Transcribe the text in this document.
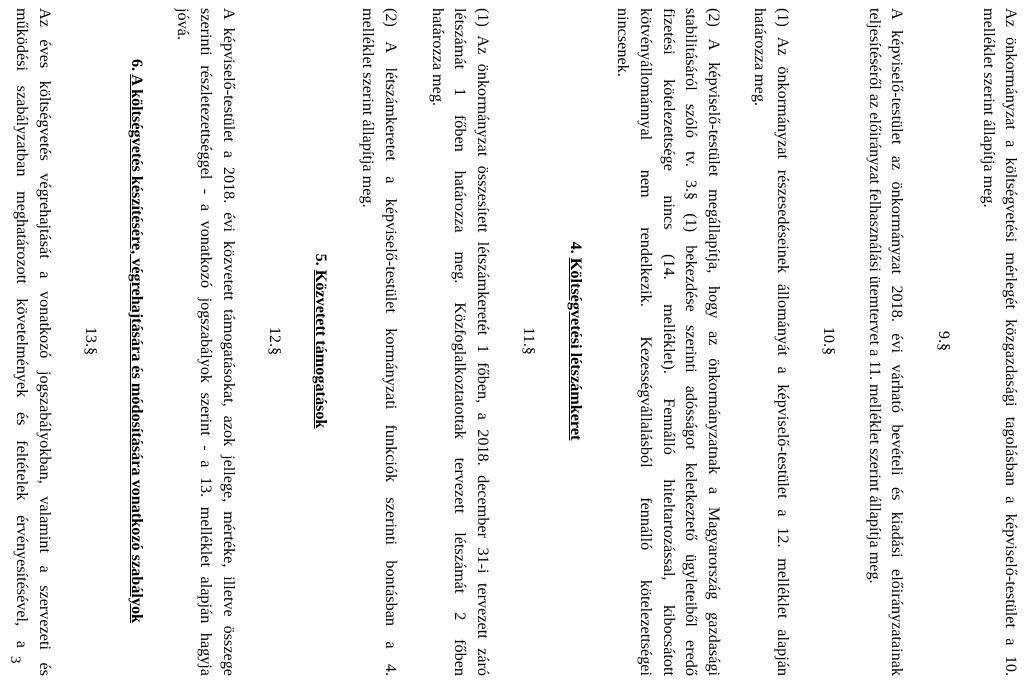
Az önkormányzat a költségvetési mérlegét közgazdasági tagolásban a képviselő-testület a 10.
melléklet szerint állapítja meg.
9.§
A képviselő-testület az önkormányzat 2018. évi várható bevételi és kiadási előirányzatainak
teljesítéséről az előirányzat felhasználási ütemtervet a 11. melléklet szerint állapítja meg.
10.§
(1) Az önkormányzat részesedéseinek állományát a képviselő-testület a 12. melléklet alapján
határozza meg.
(2) A képviselő-testület megállapítja, hogy az önkormányzatnak a Magyarország gazdasági
stabilitásáról szóló tv. 3.§ (1) bekezdése szerinti adósságot keletkeztető ügyleteiből eredő
fizetési kötelezettsége nincs (14. melléklet). Fennálló hiteltartozással, kibocsátott
kötvényállománnyal nem rendelkezik. Kezességvállalásból fennálló kötelezettségei
nincsenek.
4. Költségvetési létszámkeret
11.§
(1) Az önkormányzat összesített létszámkeretét 1 főben, a 2018. december 31-i tervezett záró
létszámát 1 főben határozza meg. Közfoglalkoztatottak tervezett létszámát 2 főben
határozza meg.
(2) A létszámkeretet a képviselő-testület kormányzati funkciók szerinti bontásban a 4.
melléklet szerint állapítja meg.
5. Közvetett támogatások
12.§
A képviselő-testület a 2018. évi közvetett támogatásokat, azok jellege, mértéke, illetve összege
szerinti részletezettséggel - a vonatkozó jogszabályok szerint - a 13. melléklet alapján hagyja
jóvá.
6. A költségvetés készítésére, végrehajtására és módosítására vonatkozó szabályok
13.§
Az éves költségvetés végrehajtását a vonatkozó jogszabályokban, valamint a szervezeti és
működési szabályzatban meghatározott követelmények és feltételek érvényesítésével, a
3
